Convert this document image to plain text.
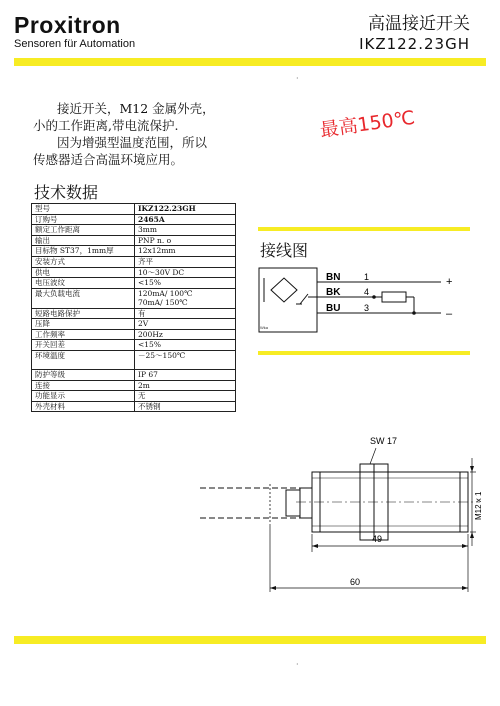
Proxitron
Sensoren für Automation
高温接近开关
IKZ122.23GH
·

接近开关，M12 金属外壳，小的工作距离,带电流保护.

因为增强型温度范围，所以传感器适合高温环境应用。

最高150℃
技术数据
型号	IKZ122.23GH
订购号	2465A
额定工作距离	3mm
输出	PNP n. o
目标物 ST37，1mm厚	12x12mm
安装方式	齐平
供电	10～30V DC
电压波纹	<15%
最大负载电流	120mA/ 100℃
70mA/ 150℃

短路电路保护	有
压降	2V
工作频率	200Hz
开关回差	<15%
环境温度	－25～150℃
防护等级	IP 67
连接	2m
功能显示	无
外壳材料	不锈钢
接线图
Wka
BN	1
BK	4
BU	3
+
–
SW 17
M12 x 1
49
60
·
